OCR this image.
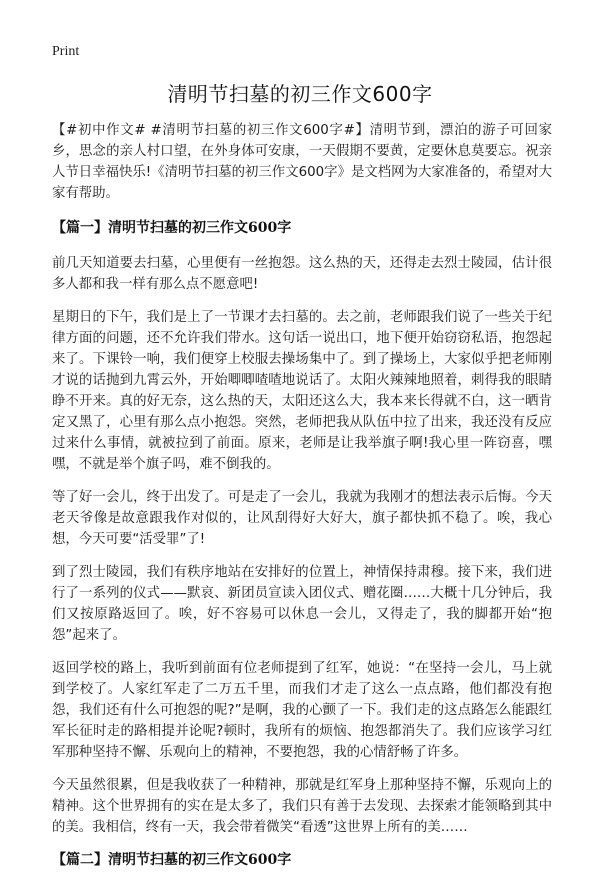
Print
清明节扫墓的初三作文600字

【#初中作文# #清明节扫墓的初三作文600字#】清明节到，漂泊的游子可回家乡，思念的亲人村口望，在外身体可安康，一天假期不要黄，定要休息莫要忘。祝亲人节日幸福快乐!《清明节扫墓的初三作文600字》是文档网为大家准备的，希望对大家有帮助。

【篇一】清明节扫墓的初三作文600字

前几天知道要去扫墓，心里便有一丝抱怨。这么热的天，还得走去烈士陵园，估计很多人都和我一样有那么点不愿意吧!

星期日的下午，我们是上了一节课才去扫墓的。去之前，老师跟我们说了一些关于纪律方面的问题，还不允许我们带水。这句话一说出口，地下便开始窃窃私语，抱怨起来了。下课铃一响，我们便穿上校服去操场集中了。到了操场上，大家似乎把老师刚才说的话抛到九霄云外，开始唧唧喳喳地说话了。太阳火辣辣地照着，刺得我的眼睛睁不开来。真的好无奈，这么热的天，太阳还这么大，我本来长得就不白，这一晒肯定又黑了，心里有那么点小抱怨。突然，老师把我从队伍中拉了出来，我还没有反应过来什么事情，就被拉到了前面。原来，老师是让我举旗子啊!我心里一阵窃喜，嘿嘿，不就是举个旗子吗，难不倒我的。

等了好一会儿，终于出发了。可是走了一会儿，我就为我刚才的想法表示后悔。今天老天爷像是故意跟我作对似的，让风刮得好大好大，旗子都快抓不稳了。唉，我心想，今天可要“活受罪”了!

到了烈士陵园，我们有秩序地站在安排好的位置上，神情保持肃穆。接下来，我们进行了一系列的仪式——默哀、新团员宣读入团仪式、赠花圈……大概十几分钟后，我们又按原路返回了。唉，好不容易可以休息一会儿，又得走了，我的脚都开始“抱怨”起来了。

返回学校的路上，我听到前面有位老师提到了红军，她说：“在坚持一会儿，马上就到学校了。人家红军走了二万五千里，而我们才走了这么一点点路，他们都没有抱怨，我们还有什么可抱怨的呢?”是啊，我的心颤了一下。我们走的这点路怎么能跟红军长征时走的路相提并论呢?顿时，我所有的烦恼、抱怨都消失了。我们应该学习红军那种坚持不懈、乐观向上的精神，不要抱怨，我的心情舒畅了许多。

今天虽然很累，但是我收获了一种精神，那就是红军身上那种坚持不懈，乐观向上的精神。这个世界拥有的实在是太多了，我们只有善于去发现、去探索才能领略到其中的美。我相信，终有一天，我会带着微笑“看透”这世界上所有的美……

【篇二】清明节扫墓的初三作文600字
